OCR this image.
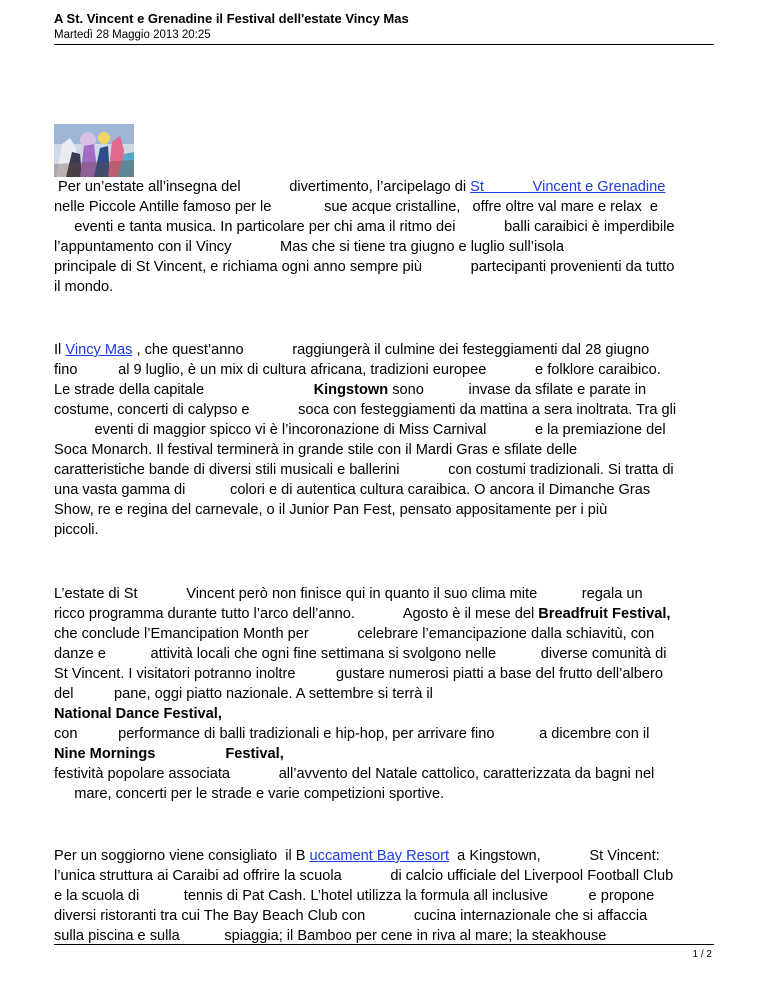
A St. Vincent e Grenadine il Festival dell'estate Vincy Mas
Martedì 28 Maggio 2013 20:25
Per un’estate all’insegna del            divertimento, l’arcipelago di St            Vincent e Grenadine
nelle Piccole Antille famoso per le             sue acque cristalline,   offre oltre val mare e relax  e
eventi e tanta musica. In particolare per chi ama il ritmo dei            balli caraibici è imperdibile
l’appuntamento con il Vincy            Mas che si tiene tra giugno e luglio sull’isola
principale di St Vincent, e richiama ogni anno sempre più            partecipanti provenienti da tutto
il mondo.
Il Vincy Mas , che quest’anno            raggiungerà il culmine dei festeggiamenti dal 28 giugno
fino          al 9 luglio, è un mix di cultura africana, tradizioni europee            e folklore caraibico.
Le strade della capitale                           Kingstown sono           invase da sfilate e parate in
costume, concerti di calypso e            soca con festeggiamenti da mattina a sera inoltrata. Tra gli
eventi di maggior spicco vi è l’incoronazione di Miss Carnival            e la premiazione del
Soca Monarch. Il festival terminerà in grande stile con il Mardi Gras e sfilate delle
caratteristiche bande di diversi stili musicali e ballerini            con costumi tradizionali. Si tratta di
una vasta gamma di           colori e di autentica cultura caraibica. O ancora il Dimanche Gras
Show, re e regina del carnevale, o il Junior Pan Fest, pensato appositamente per i più
piccoli.
L’estate di St            Vincent però non finisce qui in quanto il suo clima mite           regala un
ricco programma durante tutto l’arco dell’anno.            Agosto è il mese del Breadfruit Festival,
che conclude l’Emancipation Month per            celebrare l’emancipazione dalla schiavitù, con
danze e           attività locali che ogni fine settimana si svolgono nelle           diverse comunità di
St Vincent. I visitatori potranno inoltre          gustare numerosi piatti a base del frutto dell’albero
del          pane, oggi piatto nazionale. A settembre si terrà il
National Dance Festival,
con          performance di balli tradizionali e hip-hop, per arrivare fino           a dicembre con il
Nine Mornings	Festival,
festività popolare associata            all’avvento del Natale cattolico, caratterizzata da bagni nel
mare, concerti per le strade e varie competizioni sportive.
Per un soggiorno viene consigliato  il B uccament Bay Resort  a Kingstown,            St Vincent:
l’unica struttura ai Caraibi ad offrire la scuola            di calcio ufficiale del Liverpool Football Club
e la scuola di           tennis di Pat Cash. L’hotel utilizza la formula all inclusive          e propone
diversi ristoranti tra cui The Bay Beach Club con            cucina internazionale che si affaccia
sulla piscina e sulla           spiaggia; il Bamboo per cene in riva al mare; la steakhouse
1 / 2
